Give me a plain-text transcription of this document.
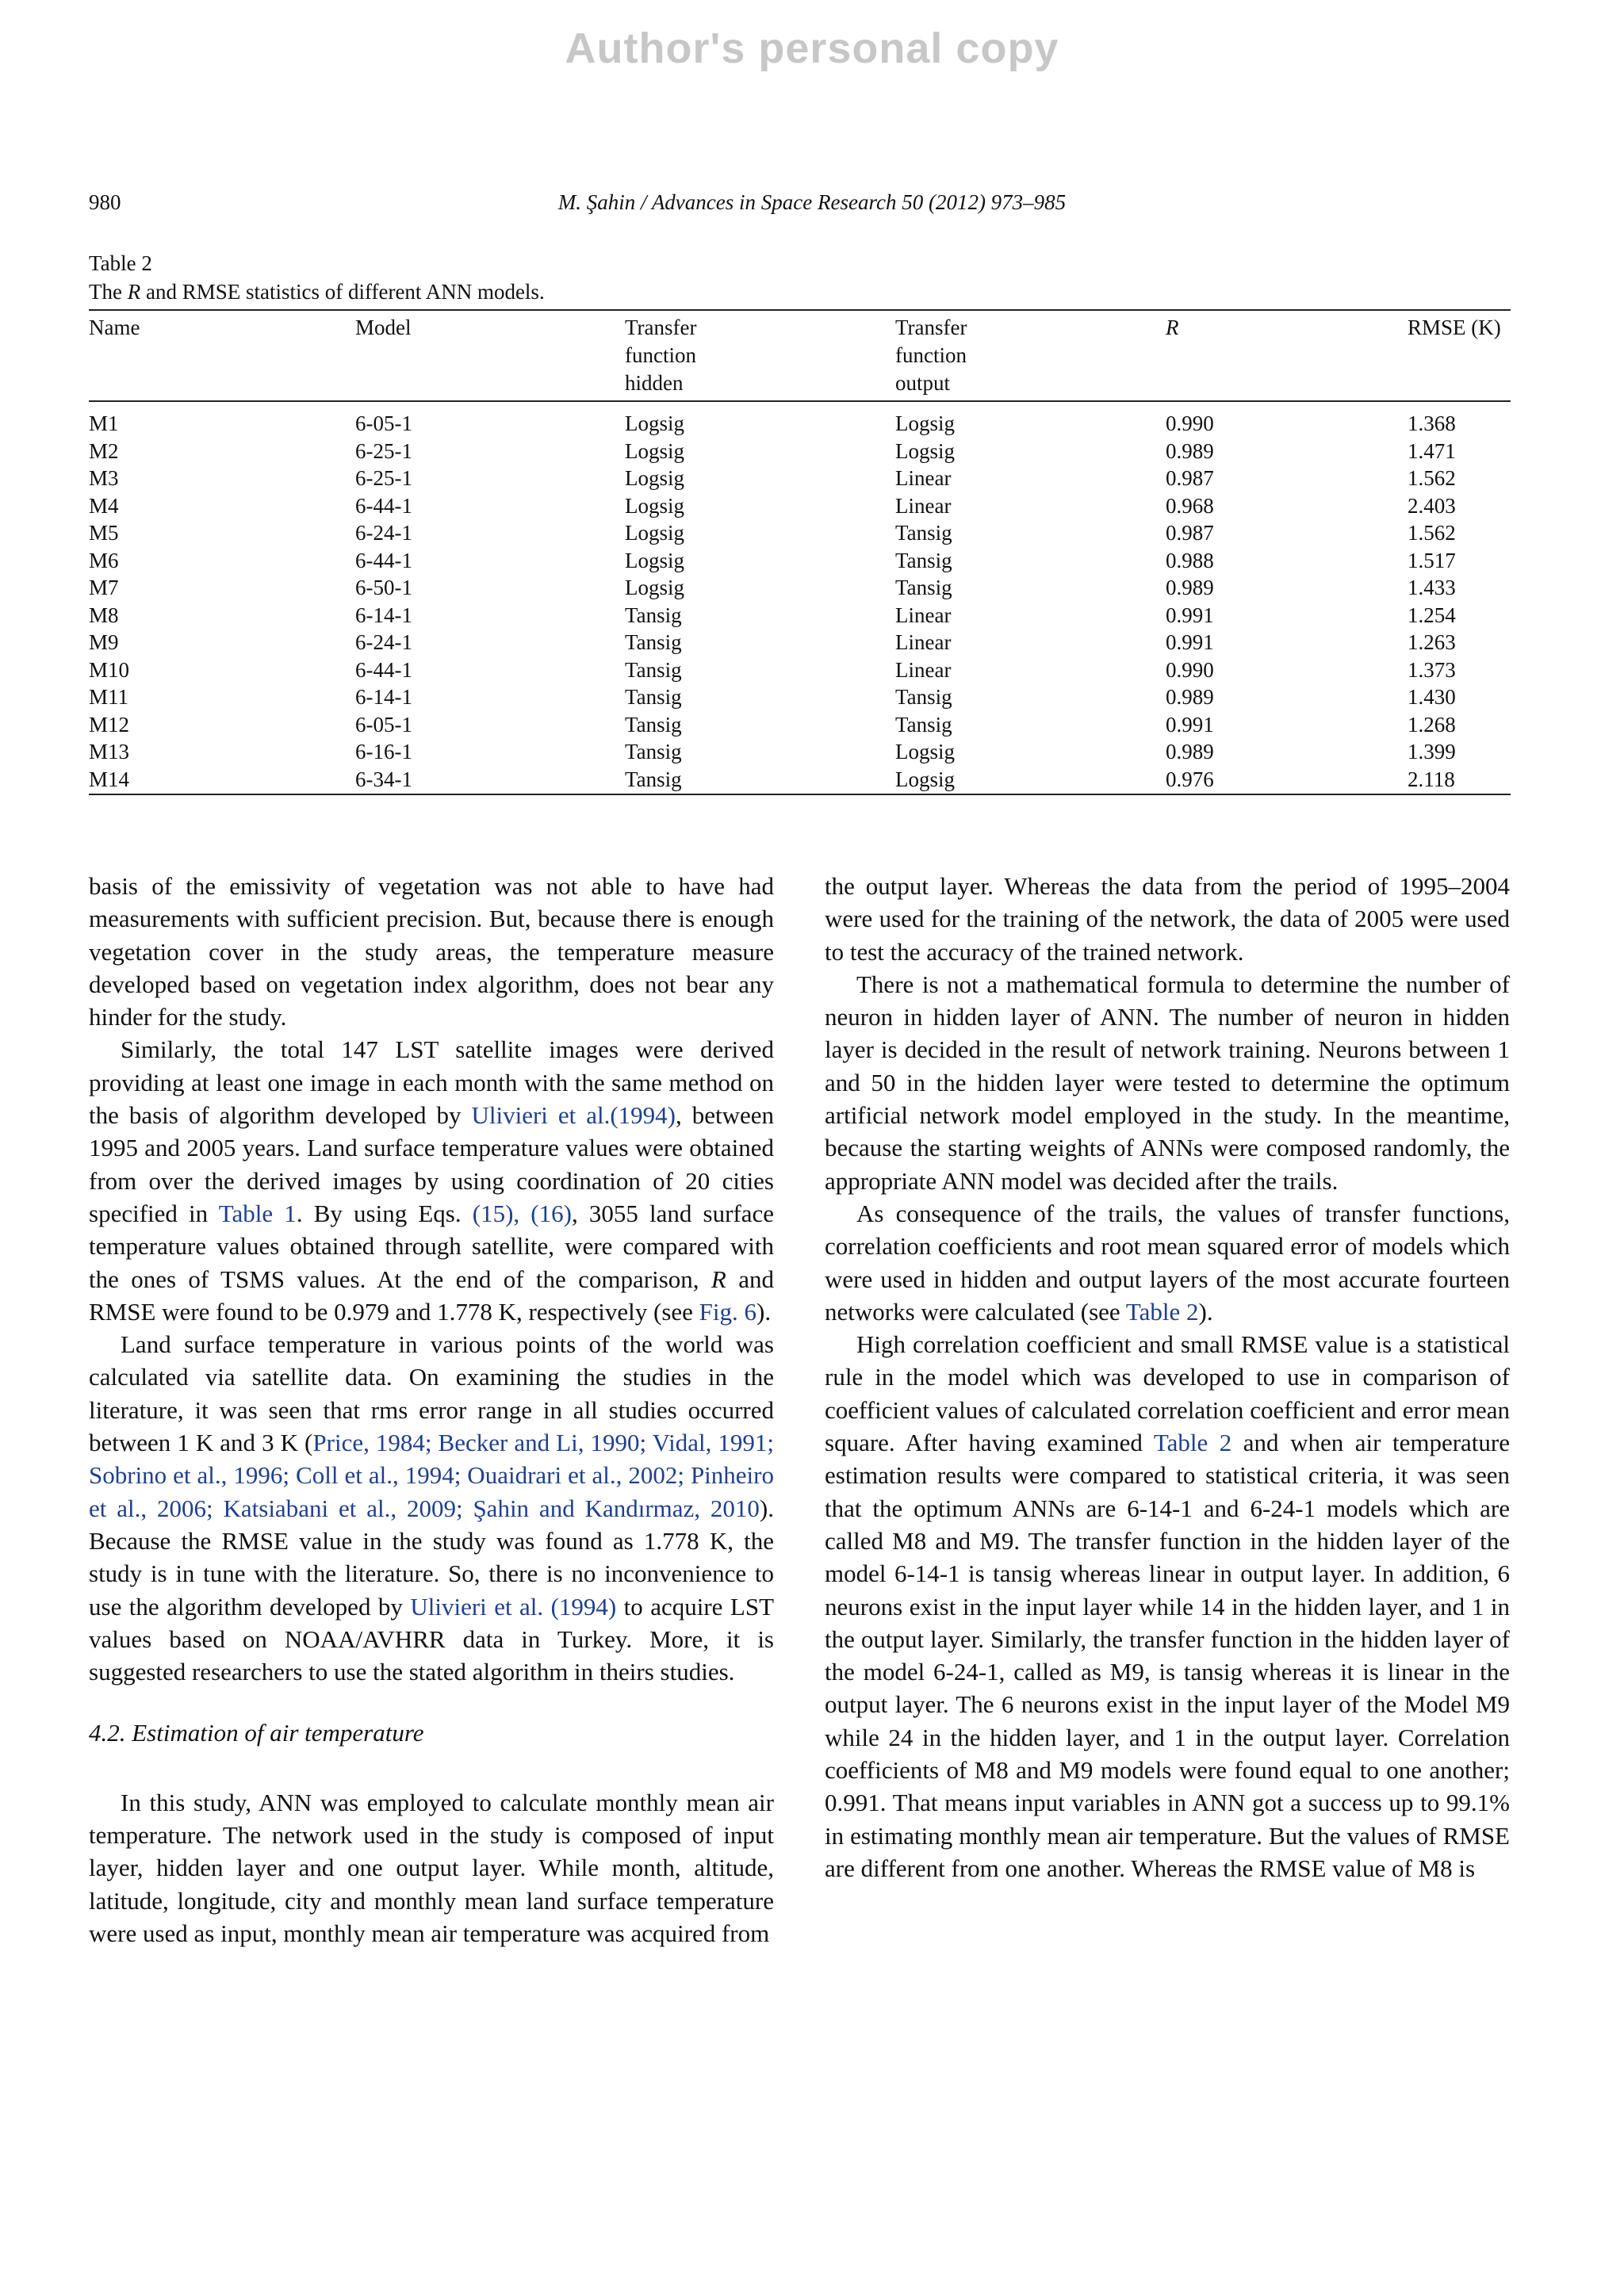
Author's personal copy
980	M. Şahin / Advances in Space Research 50 (2012) 973–985
Table 2
The R and RMSE statistics of different ANN models.
Name	Model	Transfer
function
hidden	Transfer
function
output	R	RMSE (K)
M1	6-05-1	Logsig	Logsig	0.990	1.368
M2	6-25-1	Logsig	Logsig	0.989	1.471
M3	6-25-1	Logsig	Linear	0.987	1.562
M4	6-44-1	Logsig	Linear	0.968	2.403
M5	6-24-1	Logsig	Tansig	0.987	1.562
M6	6-44-1	Logsig	Tansig	0.988	1.517
M7	6-50-1	Logsig	Tansig	0.989	1.433
M8	6-14-1	Tansig	Linear	0.991	1.254
M9	6-24-1	Tansig	Linear	0.991	1.263
M10	6-44-1	Tansig	Linear	0.990	1.373
M11	6-14-1	Tansig	Tansig	0.989	1.430
M12	6-05-1	Tansig	Tansig	0.991	1.268
M13	6-16-1	Tansig	Logsig	0.989	1.399
M14	6-34-1	Tansig	Logsig	0.976	2.118

basis of the emissivity of vegetation was not able to have had measurements with sufficient precision. But, because there is enough vegetation cover in the study areas, the temperature measure developed based on vegetation index algorithm, does not bear any hinder for the study.

Similarly, the total 147 LST satellite images were derived providing at least one image in each month with the same method on the basis of algorithm developed by Ulivieri et al.(1994), between 1995 and 2005 years. Land surface temperature values were obtained from over the derived images by using coordination of 20 cities specified in Table 1. By using Eqs. (15), (16), 3055 land surface temperature values obtained through satellite, were compared with the ones of TSMS values. At the end of the comparison, R and RMSE were found to be 0.979 and 1.778 K, respectively (see Fig. 6).

Land surface temperature in various points of the world was calculated via satellite data. On examining the studies in the literature, it was seen that rms error range in all studies occurred between 1 K and 3 K (Price, 1984; Becker and Li, 1990; Vidal, 1991; Sobrino et al., 1996; Coll et al., 1994; Ouaidrari et al., 2002; Pinheiro et al., 2006; Katsiabani et al., 2009; Şahin and Kandırmaz, 2010). Because the RMSE value in the study was found as 1.778 K, the study is in tune with the literature. So, there is no inconvenience to use the algorithm developed by Ulivieri et al. (1994) to acquire LST values based on NOAA/AVHRR data in Turkey. More, it is suggested researchers to use the stated algorithm in theirs studies.

4.2. Estimation of air temperature

In this study, ANN was employed to calculate monthly mean air temperature. The network used in the study is composed of input layer, hidden layer and one output layer. While month, altitude, latitude, longitude, city and monthly mean land surface temperature were used as input, monthly mean air temperature was acquired from

the output layer. Whereas the data from the period of 1995–2004 were used for the training of the network, the data of 2005 were used to test the accuracy of the trained network.

There is not a mathematical formula to determine the number of neuron in hidden layer of ANN. The number of neuron in hidden layer is decided in the result of network training. Neurons between 1 and 50 in the hidden layer were tested to determine the optimum artificial network model employed in the study. In the meantime, because the starting weights of ANNs were composed randomly, the appropriate ANN model was decided after the trails.

As consequence of the trails, the values of transfer functions, correlation coefficients and root mean squared error of models which were used in hidden and output layers of the most accurate fourteen networks were calculated (see Table 2).

High correlation coefficient and small RMSE value is a statistical rule in the model which was developed to use in comparison of coefficient values of calculated correlation coefficient and error mean square. After having examined Table 2 and when air temperature estimation results were compared to statistical criteria, it was seen that the optimum ANNs are 6-14-1 and 6-24-1 models which are called M8 and M9. The transfer function in the hidden layer of the model 6-14-1 is tansig whereas linear in output layer. In addition, 6 neurons exist in the input layer while 14 in the hidden layer, and 1 in the output layer. Similarly, the transfer function in the hidden layer of the model 6-24-1, called as M9, is tansig whereas it is linear in the output layer. The 6 neurons exist in the input layer of the Model M9 while 24 in the hidden layer, and 1 in the output layer. Correlation coefficients of M8 and M9 models were found equal to one another; 0.991. That means input variables in ANN got a success up to 99.1% in estimating monthly mean air temperature. But the values of RMSE are different from one another. Whereas the RMSE value of M8 is
